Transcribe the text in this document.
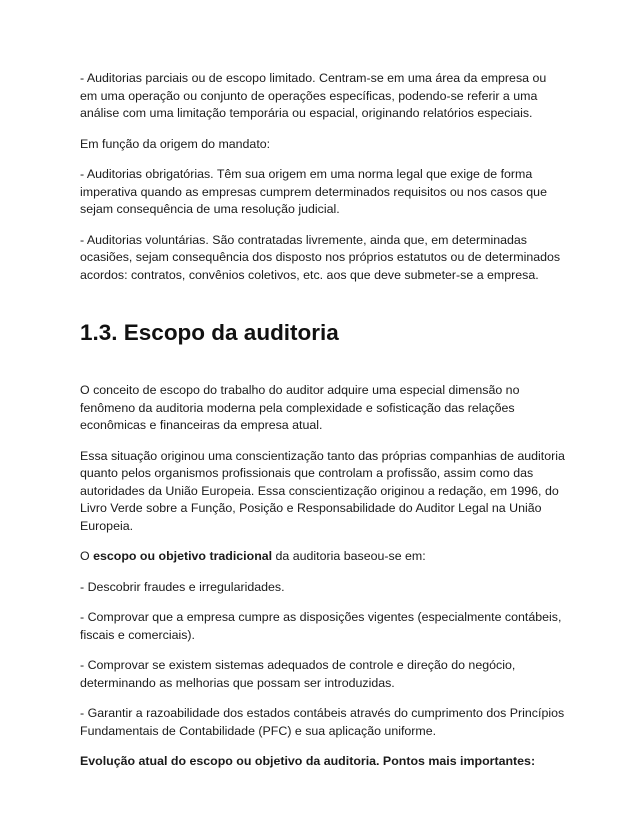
- Auditorias parciais ou de escopo limitado. Centram-se em uma área da empresa ou em uma operação ou conjunto de operações específicas, podendo-se referir a uma análise com uma limitação temporária ou espacial, originando relatórios especiais.

Em função da origem do mandato:

- Auditorias obrigatórias. Têm sua origem em uma norma legal que exige de forma imperativa quando as empresas cumprem determinados requisitos ou nos casos que sejam consequência de uma resolução judicial.

- Auditorias voluntárias. São contratadas livremente, ainda que, em determinadas ocasiões, sejam consequência dos disposto nos próprios estatutos ou de determinados acordos: contratos, convênios coletivos, etc. aos que deve submeter-se a empresa.

1.3. Escopo da auditoria

O conceito de escopo do trabalho do auditor adquire uma especial dimensão no fenômeno da auditoria moderna pela complexidade e sofisticação das relações econômicas e financeiras da empresa atual.

Essa situação originou uma conscientização tanto das próprias companhias de auditoria quanto pelos organismos profissionais que controlam a profissão, assim como das autoridades da União Europeia. Essa conscientização originou a redação, em 1996, do Livro Verde sobre a Função, Posição e Responsabilidade do Auditor Legal na União Europeia.

O escopo ou objetivo tradicional da auditoria baseou-se em:

- Descobrir fraudes e irregularidades.

- Comprovar que a empresa cumpre as disposições vigentes (especialmente contábeis, fiscais e comerciais).

- Comprovar se existem sistemas adequados de controle e direção do negócio, determinando as melhorias que possam ser introduzidas.

- Garantir a razoabilidade dos estados contábeis através do cumprimento dos Princípios Fundamentais de Contabilidade (PFC) e sua aplicação uniforme.

Evolução atual do escopo ou objetivo da auditoria. Pontos mais importantes:
